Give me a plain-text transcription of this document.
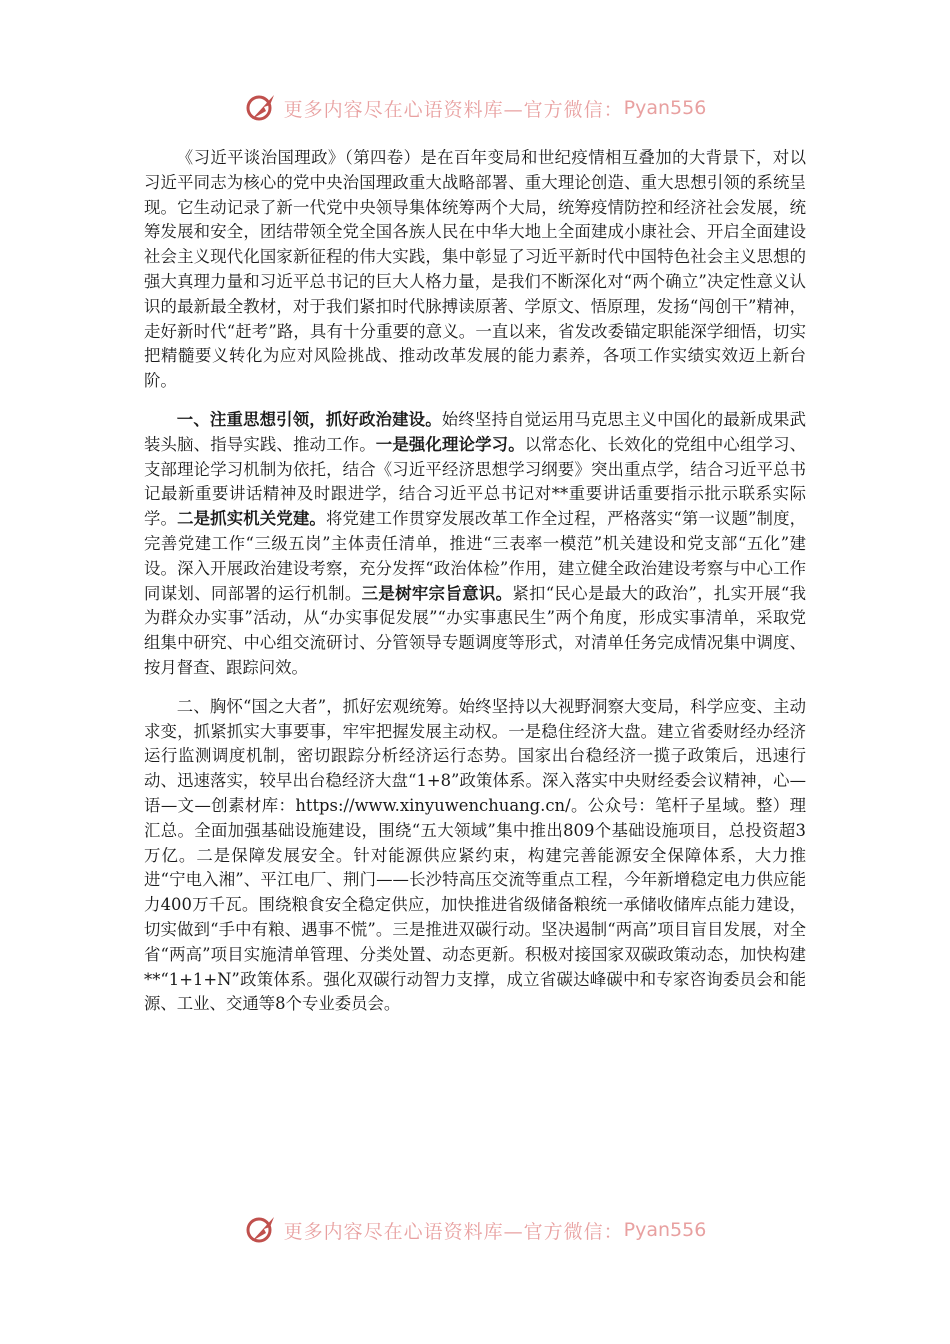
更多内容尽在心语资料库—官方微信： Pyan556

《习近平谈治国理政》（第四卷）是在百年变局和世纪疫情相互叠加的大背景下，对以习近平同志为核心的党中央治国理政重大战略部署、重大理论创造、重大思想引领的系统呈现。它生动记录了新一代党中央领导集体统筹两个大局，统筹疫情防控和经济社会发展，统筹发展和安全，团结带领全党全国各族人民在中华大地上全面建成小康社会、开启全面建设社会主义现代化国家新征程的伟大实践，集中彰显了习近平新时代中国特色社会主义思想的强大真理力量和习近平总书记的巨大人格力量，是我们不断深化对“两个确立”决定性意义认识的最新最全教材，对于我们紧扣时代脉搏读原著、学原文、悟原理，发扬“闯创干”精神，走好新时代“赶考”路，具有十分重要的意义。一直以来，省发改委锚定职能深学细悟，切实把精髓要义转化为应对风险挑战、推动改革发展的能力素养，各项工作实绩实效迈上新台阶。

一、注重思想引领，抓好政治建设。始终坚持自觉运用马克思主义中国化的最新成果武装头脑、指导实践、推动工作。一是强化理论学习。以常态化、长效化的党组中心组学习、支部理论学习机制为依托，结合《习近平经济思想学习纲要》突出重点学，结合习近平总书记最新重要讲话精神及时跟进学，结合习近平总书记对**重要讲话重要指示批示联系实际学。二是抓实机关党建。将党建工作贯穿发展改革工作全过程，严格落实“第一议题”制度，完善党建工作“三级五岗”主体责任清单，推进“三表率一模范”机关建设和党支部“五化”建设。深入开展政治建设考察，充分发挥“政治体检”作用，建立健全政治建设考察与中心工作同谋划、同部署的运行机制。三是树牢宗旨意识。紧扣“民心是最大的政治”，扎实开展“我为群众办实事”活动，从“办实事促发展”“办实事惠民生”两个角度，形成实事清单，采取党组集中研究、中心组交流研讨、分管领导专题调度等形式，对清单任务完成情况集中调度、按月督查、跟踪问效。

二、胸怀“国之大者”，抓好宏观统筹。始终坚持以大视野洞察大变局，科学应变、主动求变，抓紧抓实大事要事，牢牢把握发展主动权。一是稳住经济大盘。建立省委财经办经济运行监测调度机制，密切跟踪分析经济运行态势。国家出台稳经济一揽子政策后，迅速行动、迅速落实，较早出台稳经济大盘“1+8”政策体系。深入落实中央财经委会议精神，心—语—文—创素材库：https://www.xinyuwenchuang.cn/。公众号：笔杆子星域。整）理汇总。全面加强基础设施建设，围绕“五大领域”集中推出809个基础设施项目，总投资超3万亿。二是保障发展安全。针对能源供应紧约束，构建完善能源安全保障体系，大力推进“宁电入湘”、平江电厂、荆门——长沙特高压交流等重点工程，今年新增稳定电力供应能力400万千瓦。围绕粮食安全稳定供应，加快推进省级储备粮统一承储收储库点能力建设，切实做到“手中有粮、遇事不慌”。三是推进双碳行动。坚决遏制“两高”项目盲目发展，对全省“两高”项目实施清单管理、分类处置、动态更新。积极对接国家双碳政策动态，加快构建**“1+1+N”政策体系。强化双碳行动智力支撑，成立省碳达峰碳中和专家咨询委员会和能源、工业、交通等8个专业委员会。

更多内容尽在心语资料库—官方微信： Pyan556
